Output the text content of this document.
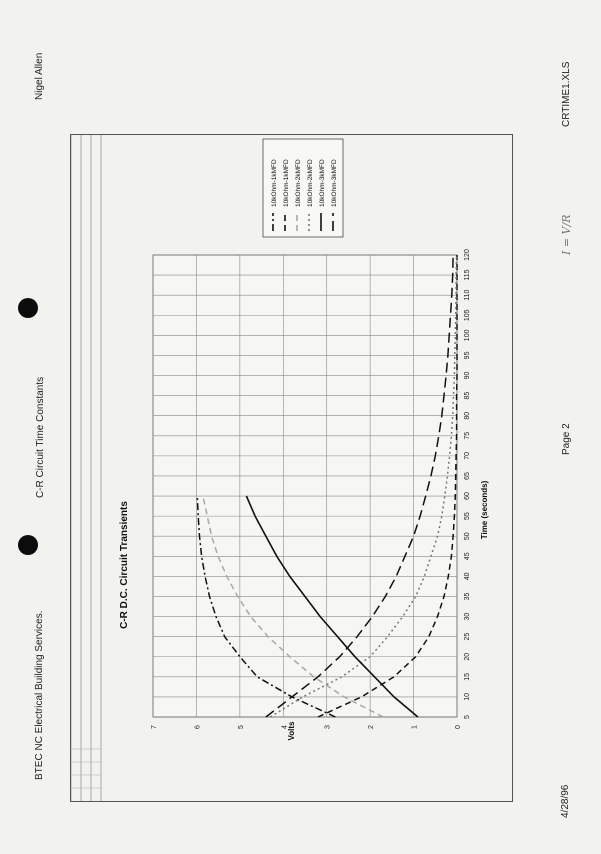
BTEC NC Electrical Building Services.
C-R Circuit Time Constants
Nigel Allen
4/28/96
Page 2
CRTIME1.XLS
I = V/R
C-R D.C. Circuit Transients
Volts
Time (seconds)
0
1
2
3
4
5
6
7
5
10
15
20
25
30
35
40
45
50
55
60
65
70
75
80
85
90
95
100
105
110
115
120
10kOhm-1kMFD 10kOhm-1kMFD 10kOhm-2kMFD 10kOhm-2kMFD 10kOhm-3kMFD 10kOhm-3kMFD
